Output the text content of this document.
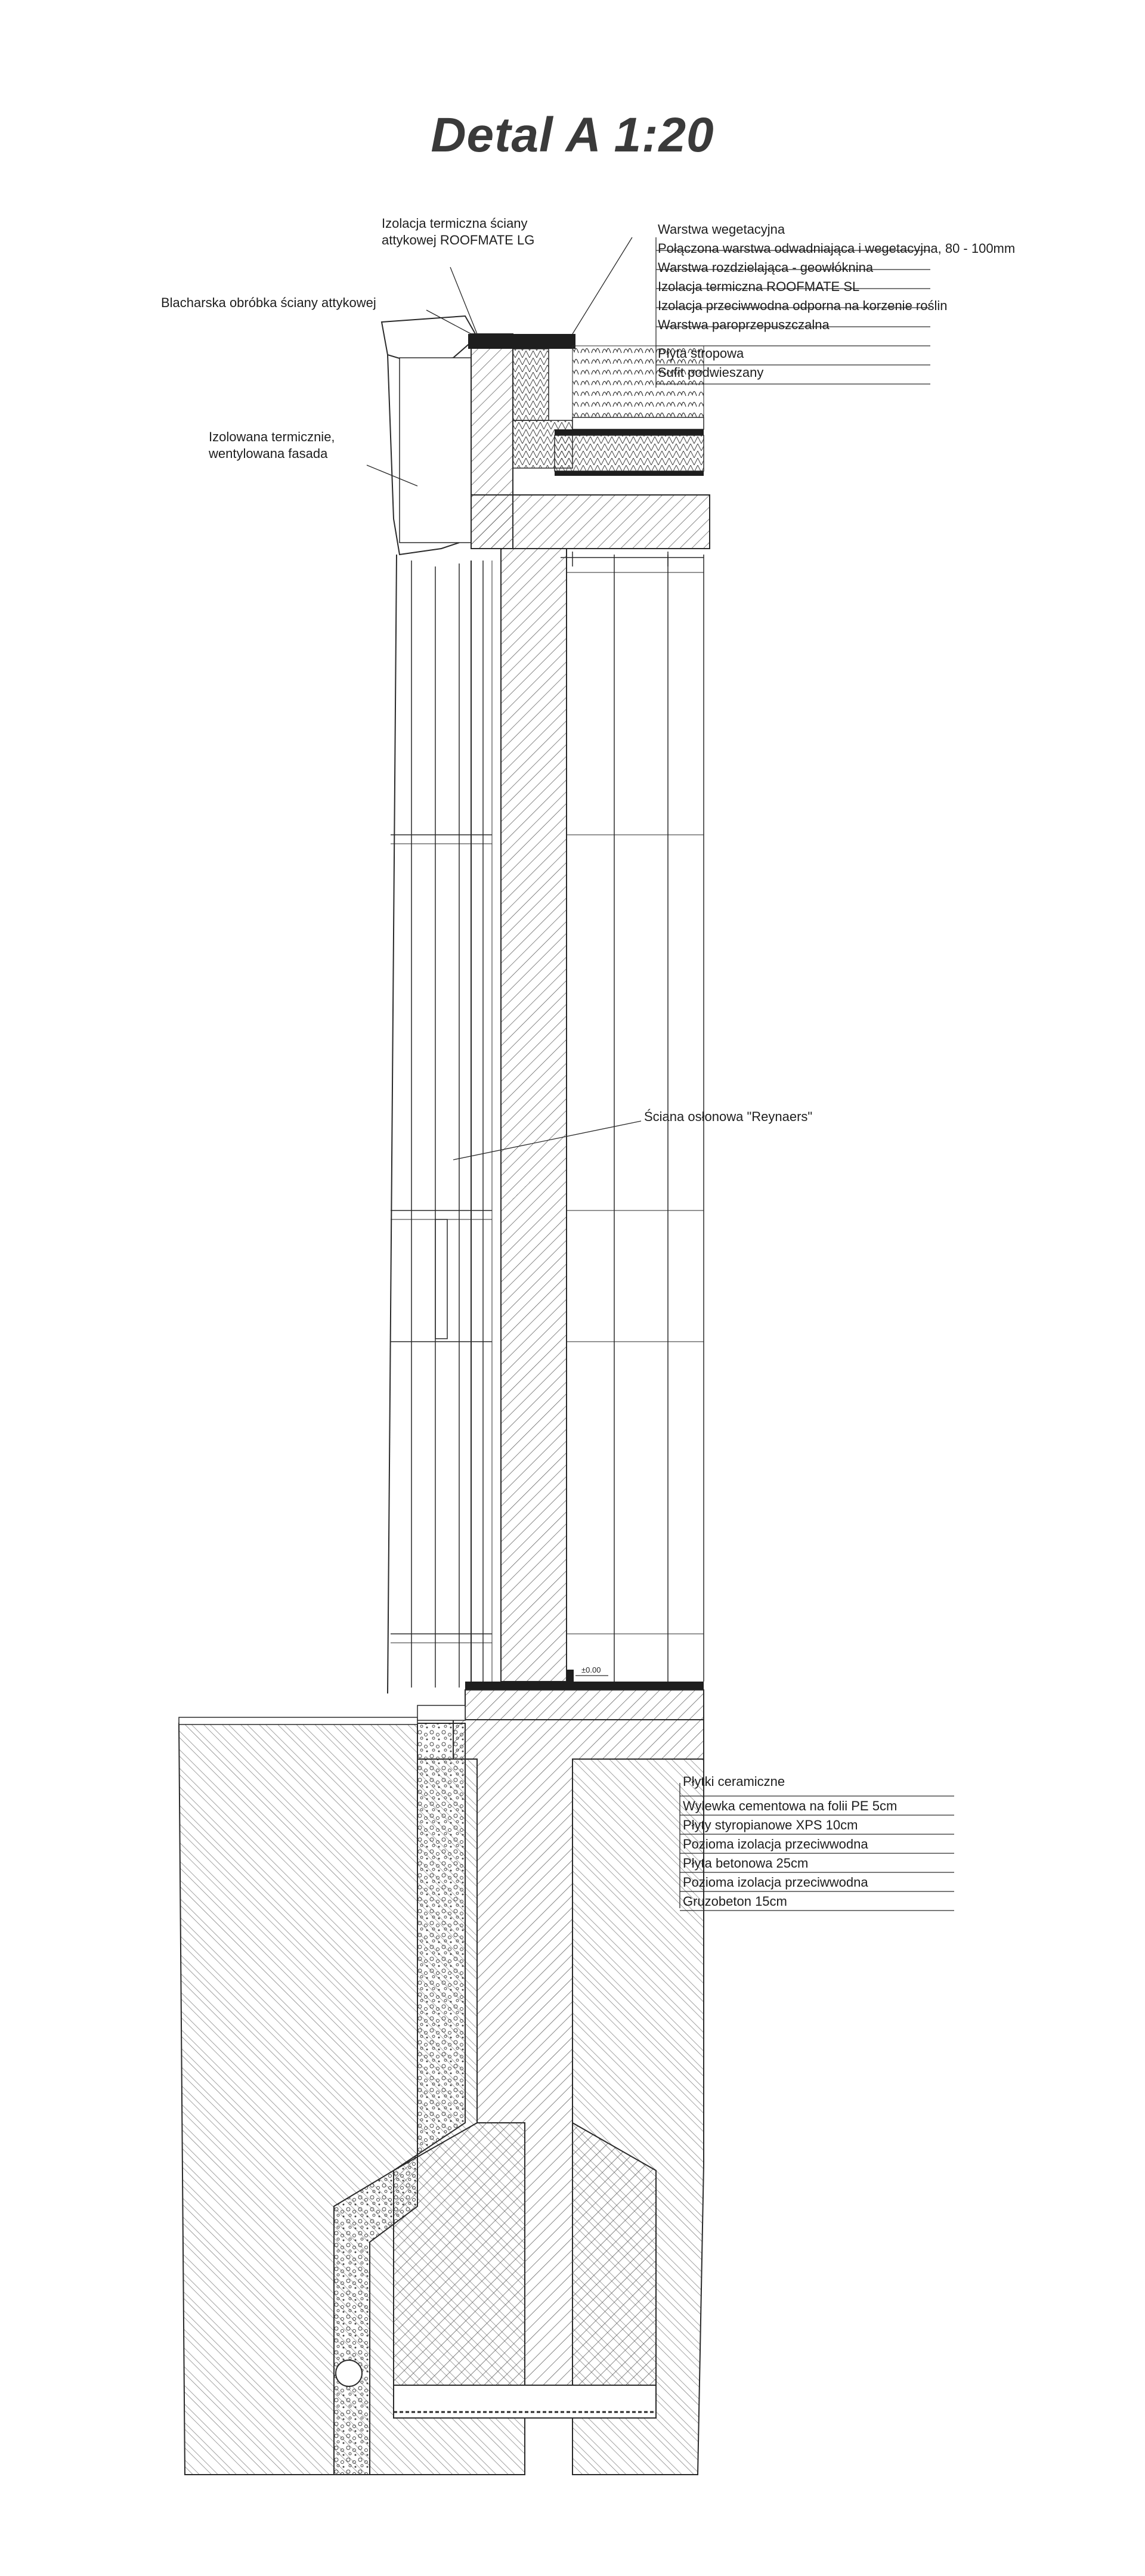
Detal A 1:20
±0.00
Izolacja termiczna ściany
attykowej ROOFMATE LG
Blacharska obróbka ściany attykowej
Izolowana termicznie,
wentylowana fasada
Ściana osłonowa "Reynaers"
Warstwa wegetacyjna
Połączona warstwa odwadniająca i wegetacyjna, 80 - 100mm
Warstwa rozdzielająca - geowłóknina
Izolacja termiczna ROOFMATE SL
Izolacja przeciwwodna odporna na korzenie roślin
Warstwa paroprzepuszczalna
Płyta stropowa
Sufit podwieszany
Płytki ceramiczne
Wylewka cementowa na folii PE 5cm
Płyty styropianowe XPS 10cm
Pozioma izolacja przeciwwodna
Płyta betonowa 25cm
Pozioma izolacja przeciwwodna
Gruzobeton 15cm
